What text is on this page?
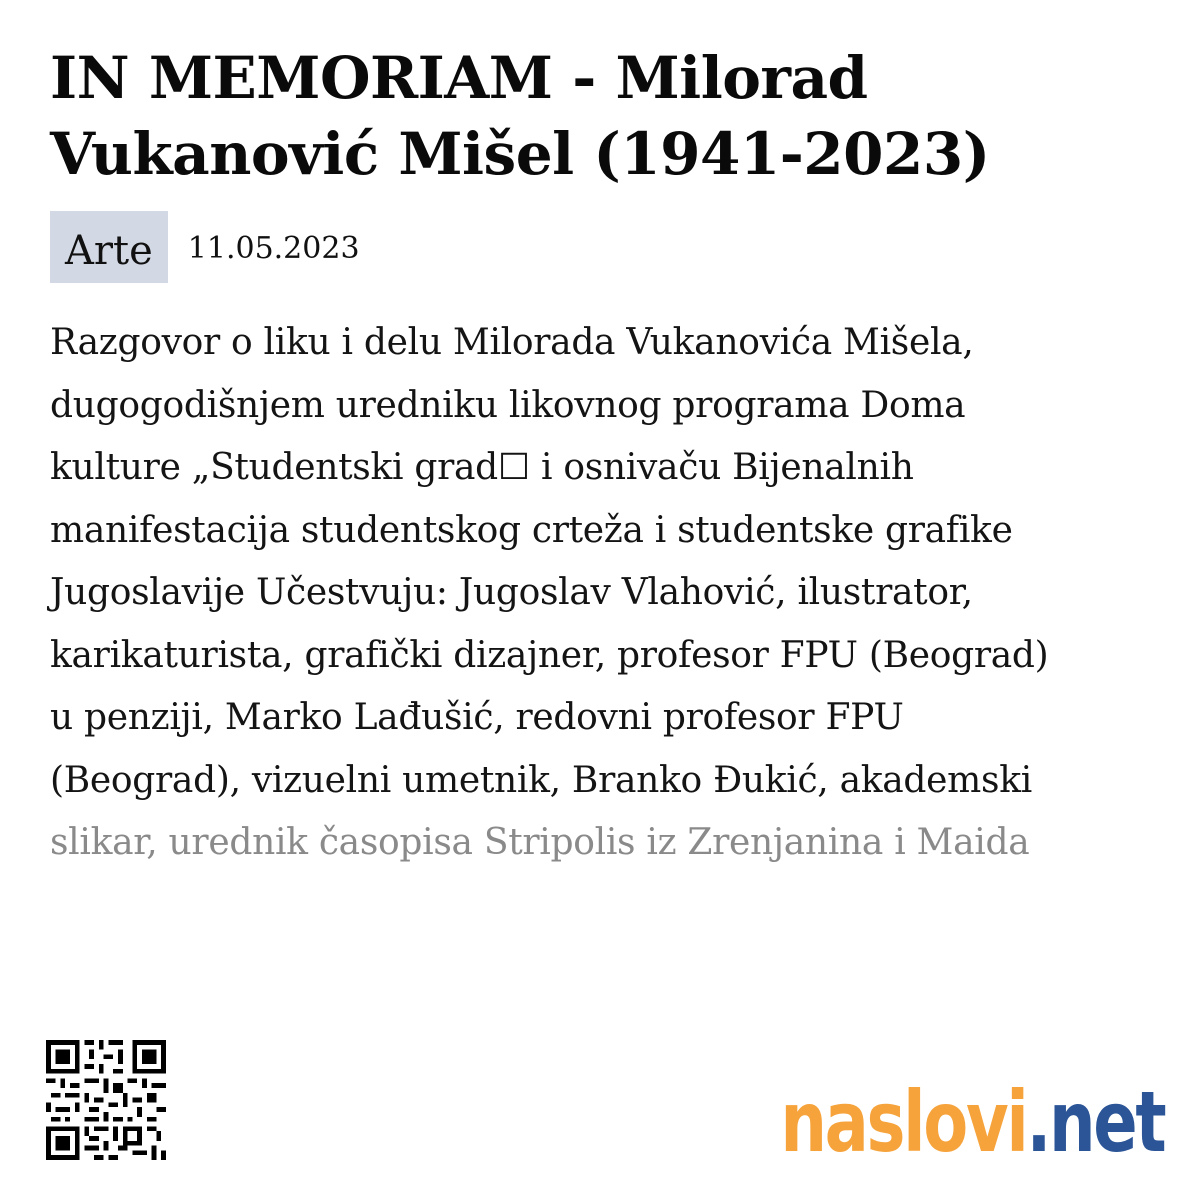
IN MEMORIAM - Milorad Vukanović Mišel (1941-2023)
Arte	11.05.2023
Razgovor o liku i delu Milorada Vukanovića Mišela,
dugogodišnjem uredniku likovnog programa Doma
kulture „Studentski grad☐ i osnivaču Bijenalnih
manifestacija studentskog crteža i studentske grafike
Jugoslavije Učestvuju: Jugoslav Vlahović, ilustrator,
karikaturista, grafički dizajner, profesor FPU (Beograd)
u penziji, Marko Lađušić, redovni profesor FPU
(Beograd), vizuelni umetnik, Branko Đukić, akademski
slikar, urednik časopisa Stripolis iz Zrenjanina i Maida
naslovi .net
